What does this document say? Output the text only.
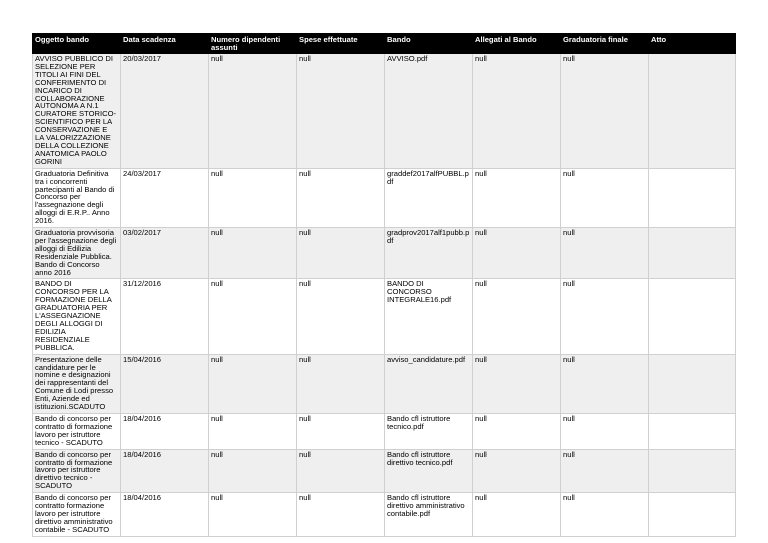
Oggetto bando	Data scadenza	Numero dipendenti assunti	Spese effettuate	Bando	Allegati al Bando	Graduatoria finale	Atto
AVVISO PUBBLICO DI SELEZIONE PER TITOLI AI FINI DEL CONFERIMENTO DI INCARICO DI COLLABORAZIONE AUTONOMA A N.1 CURATORE STORICO-SCIENTIFICO PER LA CONSERVAZIONE E LA VALORIZZAZIONE DELLA COLLEZIONE ANATOMICA PAOLO GORINI	20/03/2017	null	null	AVVISO.pdf	null	null	
Graduatoria Definitiva tra i concorrenti partecipanti al Bando di Concorso per l'assegnazione degli alloggi di E.R.P.. Anno 2016.	24/03/2017	null	null	graddef2017alfPUBBL.pdf	null	null	
Graduatoria provvisoria per l'assegnazione degli alloggi di Edilizia Residenziale Pubblica. Bando di Concorso anno 2016	03/02/2017	null	null	gradprov2017alf1pubb.pdf	null	null	
BANDO DI CONCORSO PER LA FORMAZIONE DELLA GRADUATORIA PER L'ASSEGNAZIONE DEGLI ALLOGGI DI EDILIZIA RESIDENZIALE PUBBLICA.	31/12/2016	null	null	BANDO DI CONCORSO INTEGRALE16.pdf	null	null	
Presentazione delle candidature per le nomine e designazioni dei rappresentanti del Comune di Lodi presso Enti, Aziende ed istituzioni.SCADUTO	15/04/2016	null	null	avviso_candidature.pdf	null	null	
Bando di concorso per contratto di formazione lavoro per istruttore tecnico - SCADUTO	18/04/2016	null	null	Bando cfl istruttore tecnico.pdf	null	null	
Bando di concorso per contratto di formazione lavoro per istruttore direttivo tecnico - SCADUTO	18/04/2016	null	null	Bando cfl istruttore direttivo tecnico.pdf	null	null	
Bando di concorso per contratto formazione lavoro per istruttore direttivo amministrativo contabile - SCADUTO	18/04/2016	null	null	Bando cfl istruttore direttivo amministrativo contabile.pdf	null	null	
